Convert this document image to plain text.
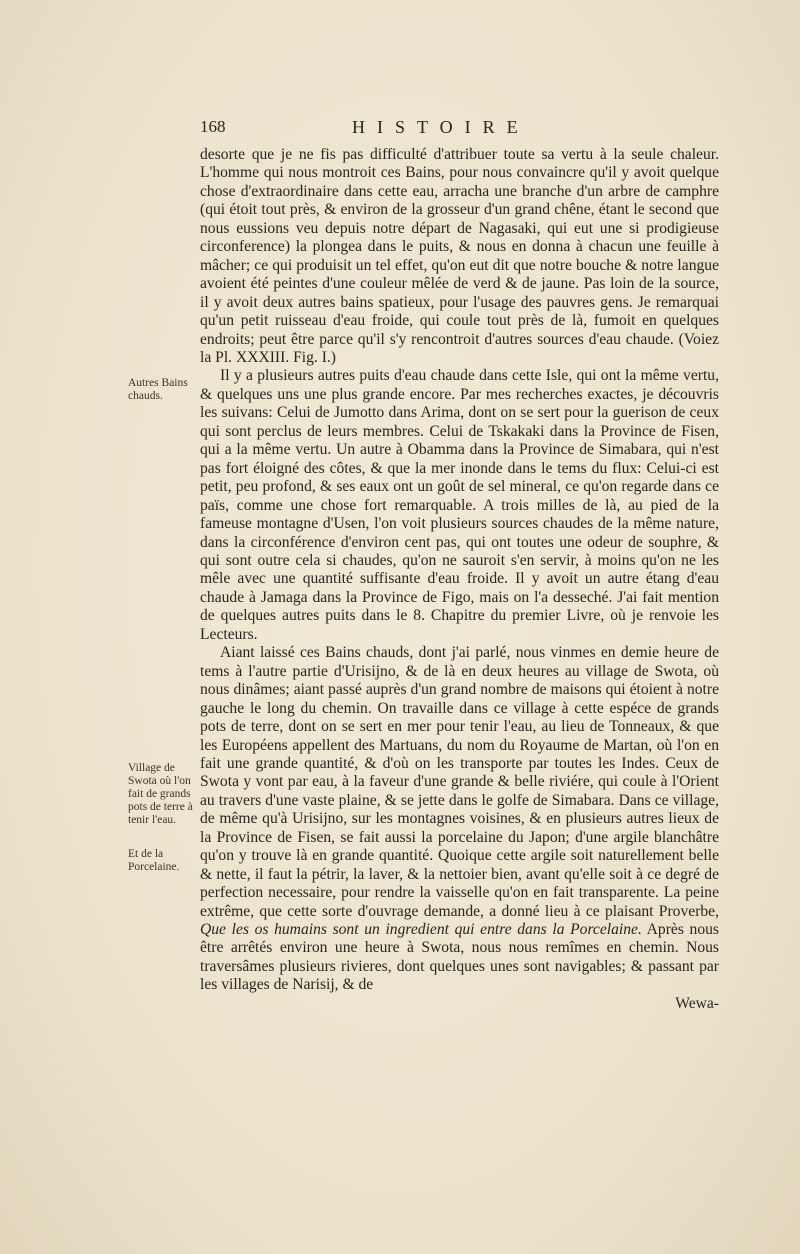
168	HISTOIRE
Autres Bains chauds.
Village de Swota où l'on fait de grands pots de terre à tenir l'eau.
Et de la Porcelaine.

desorte que je ne fis pas difficulté d'attribuer toute sa vertu à la seule chaleur. L'homme qui nous montroit ces Bains, pour nous convaincre qu'il y avoit quelque chose d'extraordinaire dans cette eau, arracha une branche d'un arbre de camphre (qui étoit tout près, & environ de la grosseur d'un grand chêne, étant le second que nous eussions veu depuis notre départ de Nagasaki, qui eut une si prodigieuse circonference) la plongea dans le puits, & nous en donna à chacun une feuille à mâcher; ce qui produisit un tel effet, qu'on eut dit que notre bouche & notre langue avoient été peintes d'une couleur mêlée de verd & de jaune. Pas loin de la source, il y avoit deux autres bains spatieux, pour l'usage des pauvres gens. Je remarquai qu'un petit ruisseau d'eau froide, qui coule tout près de là, fumoit en quelques endroits; peut être parce qu'il s'y rencontroit d'autres sources d'eau chaude. (Voiez la Pl. XXXIII. Fig. I.)

Il y a plusieurs autres puits d'eau chaude dans cette Isle, qui ont la même vertu, & quelques uns une plus grande encore. Par mes recherches exactes, je découvris les suivans: Celui de Jumotto dans Arima, dont on se sert pour la guerison de ceux qui sont perclus de leurs membres. Celui de Tskakaki dans la Province de Fisen, qui a la même vertu. Un autre à Obamma dans la Province de Simabara, qui n'est pas fort éloigné des côtes, & que la mer inonde dans le tems du flux: Celui-ci est petit, peu profond, & ses eaux ont un goût de sel mineral, ce qu'on regarde dans ce païs, comme une chose fort remarquable. A trois milles de là, au pied de la fameuse montagne d'Usen, l'on voit plusieurs sources chaudes de la même nature, dans la circonférence d'environ cent pas, qui ont toutes une odeur de souphre, & qui sont outre cela si chaudes, qu'on ne sauroit s'en servir, à moins qu'on ne les mêle avec une quantité suffisante d'eau froide. Il y avoit un autre étang d'eau chaude à Jamaga dans la Province de Figo, mais on l'a desseché. J'ai fait mention de quelques autres puits dans le 8. Chapitre du premier Livre, où je renvoie les Lecteurs.

Aiant laissé ces Bains chauds, dont j'ai parlé, nous vinmes en demie heure de tems à l'autre partie d'Urisijno, & de là en deux heures au village de Swota, où nous dinâmes; aiant passé auprès d'un grand nombre de maisons qui étoient à notre gauche le long du chemin. On travaille dans ce village à cette espéce de grands pots de terre, dont on se sert en mer pour tenir l'eau, au lieu de Tonneaux, & que les Européens appellent des Martuans, du nom du Royaume de Martan, où l'on en fait une grande quantité, & d'où on les transporte par toutes les Indes. Ceux de Swota y vont par eau, à la faveur d'une grande & belle riviére, qui coule à l'Orient au travers d'une vaste plaine, & se jette dans le golfe de Simabara. Dans ce village, de même qu'à Urisijno, sur les montagnes voisines, & en plusieurs autres lieux de la Province de Fisen, se fait aussi la porcelaine du Japon; d'une argile blanchâtre qu'on y trouve là en grande quantité. Quoique cette argile soit naturellement belle & nette, il faut la pétrir, la laver, & la nettoier bien, avant qu'elle soit à ce degré de perfection necessaire, pour rendre la vaisselle qu'on en fait transparente. La peine extrême, que cette sorte d'ouvrage demande, a donné lieu à ce plaisant Proverbe, Que les os humains sont un ingredient qui entre dans la Porcelaine. Après nous être arrêtés environ une heure à Swota, nous nous remîmes en chemin. Nous traversâmes plusieurs rivieres, dont quelques unes sont navigables; & passant par les villages de Narisij, & de

Wewa-
